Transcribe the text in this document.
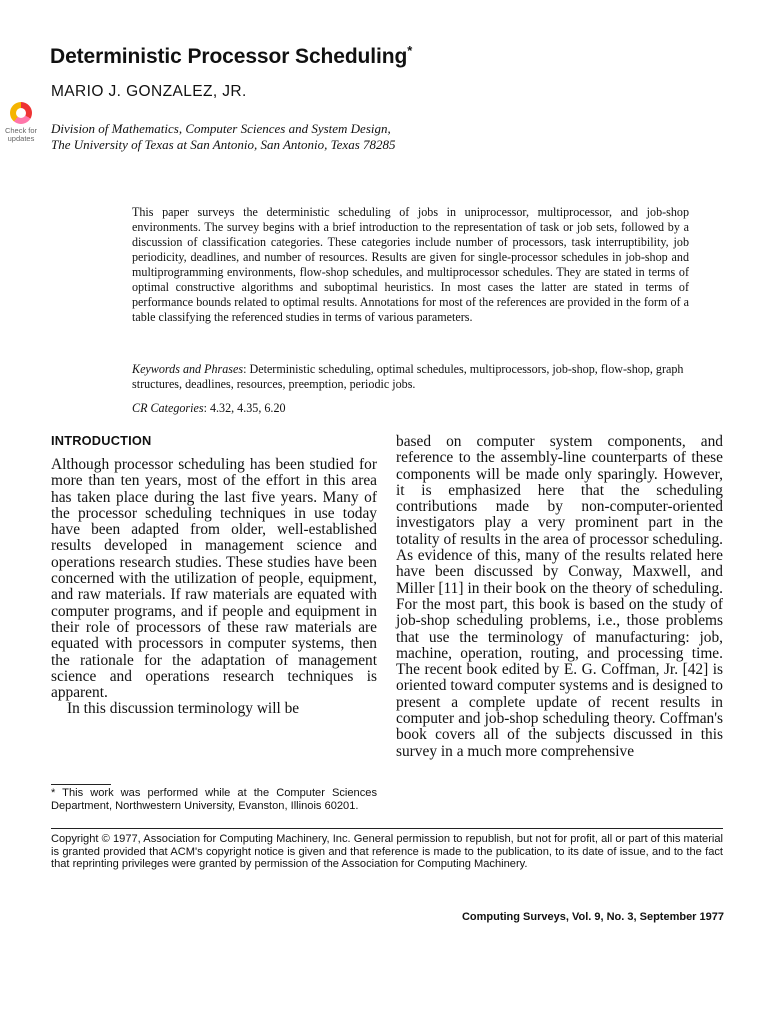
Deterministic Processor Scheduling*
MARIO J. GONZALEZ, JR.
Check for
updates
Division of Mathematics, Computer Sciences and System Design,
The University of Texas at San Antonio, San Antonio, Texas 78285
This paper surveys the deterministic scheduling of jobs in uniprocessor, multiprocessor, and job-shop environments. The survey begins with a brief introduction to the representation of task or job sets, followed by a discussion of classification categories. These categories include number of processors, task interruptibility, job periodicity, deadlines, and number of resources. Results are given for single-processor schedules in job-shop and multiprogramming environments, flow-shop schedules, and multiprocessor schedules. They are stated in terms of optimal constructive algorithms and suboptimal heuristics. In most cases the latter are stated in terms of performance bounds related to optimal results. Annotations for most of the references are provided in the form of a table classifying the referenced studies in terms of various parameters.
Keywords and Phrases: Deterministic scheduling, optimal schedules, multiprocessors, job-shop, flow-shop, graph structures, deadlines, resources, preemption, periodic jobs.
CR Categories: 4.32, 4.35, 6.20
INTRODUCTION

Although processor scheduling has been studied for more than ten years, most of the effort in this area has taken place during the last five years. Many of the processor scheduling techniques in use today have been adapted from older, well-established results developed in management science and operations research studies. These studies have been concerned with the utilization of people, equipment, and raw materials. If raw materials are equated with computer programs, and if people and equipment in their role of processors of these raw materials are equated with processors in computer systems, then the rationale for the adaptation of management science and operations research techniques is apparent.

In this discussion terminology will be

based on computer system components, and reference to the assembly-line counterparts of these components will be made only sparingly. However, it is emphasized here that the scheduling contributions made by non-computer-oriented investigators play a very prominent part in the totality of results in the area of processor scheduling. As evidence of this, many of the results related here have been discussed by Conway, Maxwell, and Miller [11] in their book on the theory of scheduling. For the most part, this book is based on the study of job-shop scheduling problems, i.e., those problems that use the terminology of manufacturing: job, machine, operation, routing, and processing time. The recent book edited by E. G. Coffman, Jr. [42] is oriented toward computer systems and is designed to present a complete update of recent results in computer and job-shop scheduling theory. Coffman's book covers all of the subjects discussed in this survey in a much more comprehensive

* This work was performed while at the Computer Sciences Department, Northwestern University, Evanston, Illinois 60201.
Copyright © 1977, Association for Computing Machinery, Inc. General permission to republish, but not for profit, all or part of this material is granted provided that ACM's copyright notice is given and that reference is made to the publication, to its date of issue, and to the fact that reprinting privileges were granted by permission of the Association for Computing Machinery.
Computing Surveys, Vol. 9, No. 3, September 1977
